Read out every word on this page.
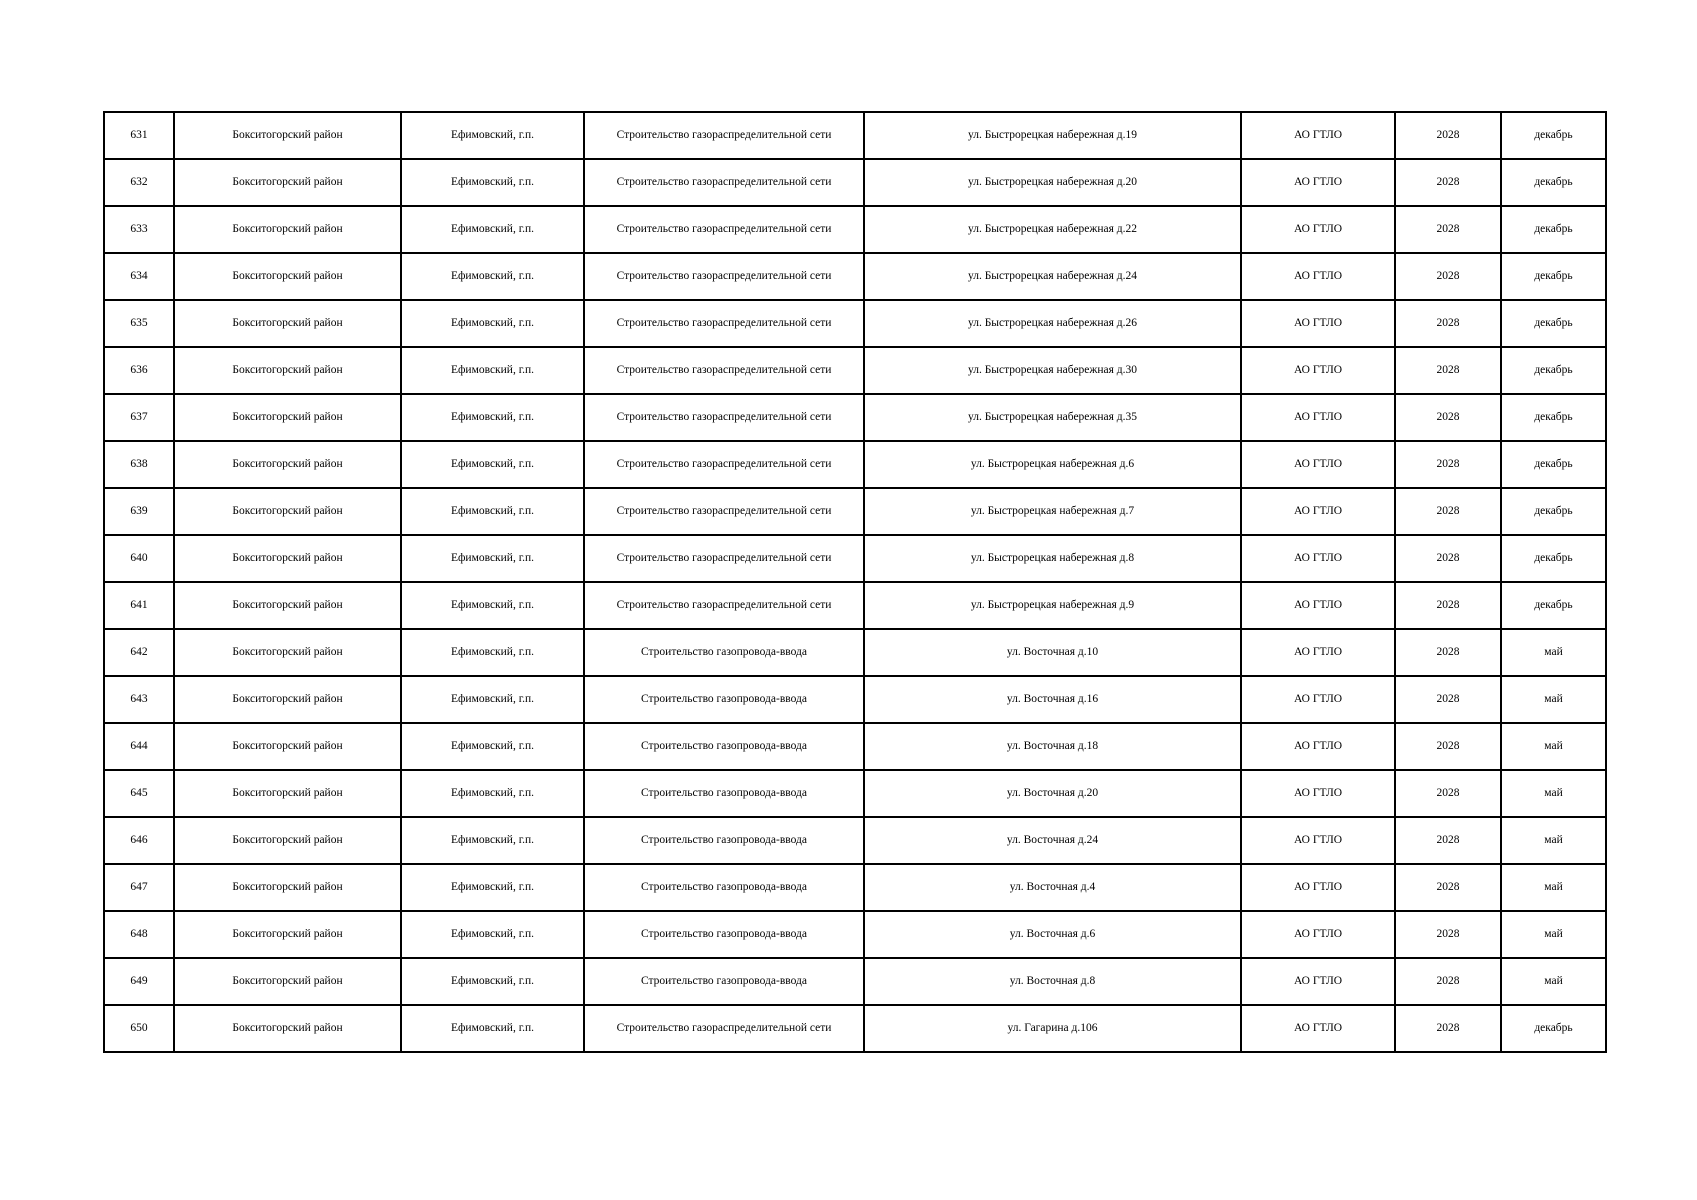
631	Бокситогорский район	Ефимовский, г.п.	Строительство газораспределительной сети	ул. Быстрорецкая набережная д.19	АО ГТЛО	2028	декабрь
632	Бокситогорский район	Ефимовский, г.п.	Строительство газораспределительной сети	ул. Быстрорецкая набережная д.20	АО ГТЛО	2028	декабрь
633	Бокситогорский район	Ефимовский, г.п.	Строительство газораспределительной сети	ул. Быстрорецкая набережная д.22	АО ГТЛО	2028	декабрь
634	Бокситогорский район	Ефимовский, г.п.	Строительство газораспределительной сети	ул. Быстрорецкая набережная д.24	АО ГТЛО	2028	декабрь
635	Бокситогорский район	Ефимовский, г.п.	Строительство газораспределительной сети	ул. Быстрорецкая набережная д.26	АО ГТЛО	2028	декабрь
636	Бокситогорский район	Ефимовский, г.п.	Строительство газораспределительной сети	ул. Быстрорецкая набережная д.30	АО ГТЛО	2028	декабрь
637	Бокситогорский район	Ефимовский, г.п.	Строительство газораспределительной сети	ул. Быстрорецкая набережная д.35	АО ГТЛО	2028	декабрь
638	Бокситогорский район	Ефимовский, г.п.	Строительство газораспределительной сети	ул. Быстрорецкая набережная д.6	АО ГТЛО	2028	декабрь
639	Бокситогорский район	Ефимовский, г.п.	Строительство газораспределительной сети	ул. Быстрорецкая набережная д.7	АО ГТЛО	2028	декабрь
640	Бокситогорский район	Ефимовский, г.п.	Строительство газораспределительной сети	ул. Быстрорецкая набережная д.8	АО ГТЛО	2028	декабрь
641	Бокситогорский район	Ефимовский, г.п.	Строительство газораспределительной сети	ул. Быстрорецкая набережная д.9	АО ГТЛО	2028	декабрь
642	Бокситогорский район	Ефимовский, г.п.	Строительство газопровода-ввода	ул. Восточная д.10	АО ГТЛО	2028	май
643	Бокситогорский район	Ефимовский, г.п.	Строительство газопровода-ввода	ул. Восточная д.16	АО ГТЛО	2028	май
644	Бокситогорский район	Ефимовский, г.п.	Строительство газопровода-ввода	ул. Восточная д.18	АО ГТЛО	2028	май
645	Бокситогорский район	Ефимовский, г.п.	Строительство газопровода-ввода	ул. Восточная д.20	АО ГТЛО	2028	май
646	Бокситогорский район	Ефимовский, г.п.	Строительство газопровода-ввода	ул. Восточная д.24	АО ГТЛО	2028	май
647	Бокситогорский район	Ефимовский, г.п.	Строительство газопровода-ввода	ул. Восточная д.4	АО ГТЛО	2028	май
648	Бокситогорский район	Ефимовский, г.п.	Строительство газопровода-ввода	ул. Восточная д.6	АО ГТЛО	2028	май
649	Бокситогорский район	Ефимовский, г.п.	Строительство газопровода-ввода	ул. Восточная д.8	АО ГТЛО	2028	май
650	Бокситогорский район	Ефимовский, г.п.	Строительство газораспределительной сети	ул. Гагарина д.106	АО ГТЛО	2028	декабрь
